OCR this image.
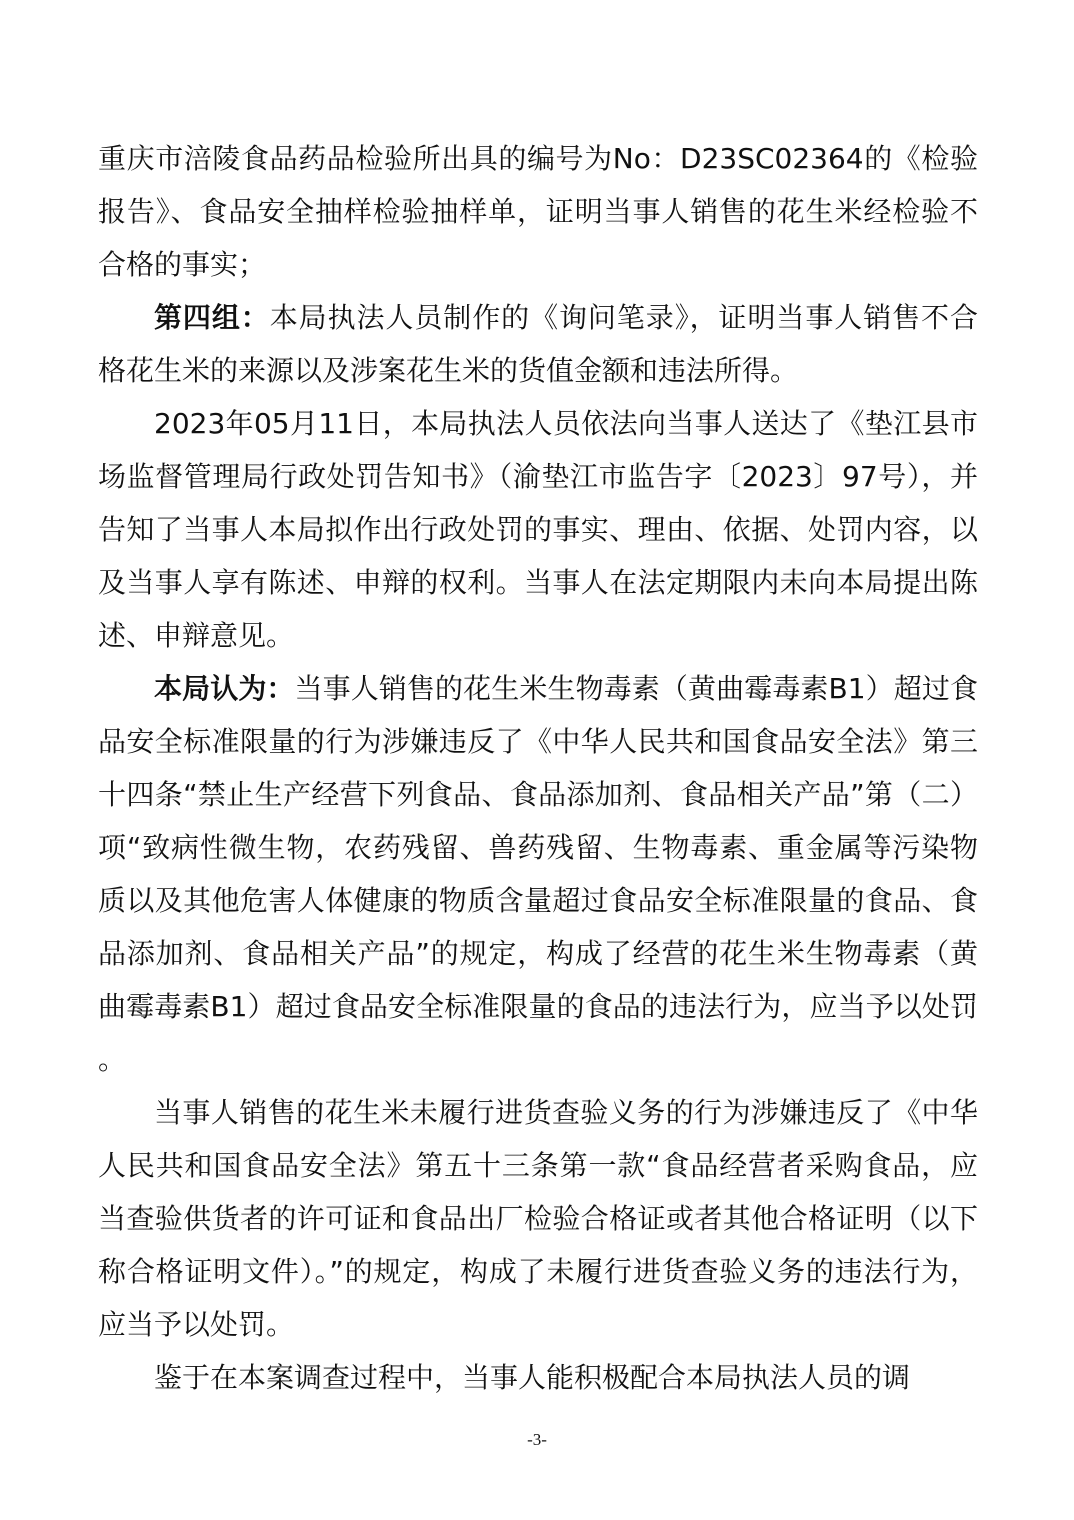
重庆市涪陵食品药品检验所出具的编号为No：D23SC02364的《检验报告》、食品安全抽样检验抽样单，证明当事人销售的花生米经检验不合格的事实；

第四组：本局执法人员制作的《询问笔录》，证明当事人销售不合格花生米的来源以及涉案花生米的货值金额和违法所得。

2023年05月11日，本局执法人员依法向当事人送达了《垫江县市场监督管理局行政处罚告知书》（渝垫江市监告字〔2023〕97号），并告知了当事人本局拟作出行政处罚的事实、理由、依据、处罚内容，以及当事人享有陈述、申辩的权利。当事人在法定期限内未向本局提出陈述、申辩意见。

本局认为：当事人销售的花生米生物毒素（黄曲霉毒素B1）超过食品安全标准限量的行为涉嫌违反了《中华人民共和国食品安全法》第三十四条“禁止生产经营下列食品、食品添加剂、食品相关产品”第（二）项“致病性微生物，农药残留、兽药残留、生物毒素、重金属等污染物质以及其他危害人体健康的物质含量超过食品安全标准限量的食品、食品添加剂、食品相关产品”的规定，构成了经营的花生米生物毒素（黄曲霉毒素B1）超过食品安全标准限量的食品的违法行为，应当予以处罚。

当事人销售的花生米未履行进货查验义务的行为涉嫌违反了《中华人民共和国食品安全法》第五十三条第一款“食品经营者采购食品，应当查验供货者的许可证和食品出厂检验合格证或者其他合格证明（以下称合格证明文件）。”的规定，构成了未履行进货查验义务的违法行为，应当予以处罚。

鉴于在本案调查过程中，当事人能积极配合本局执法人员的调

-3-
